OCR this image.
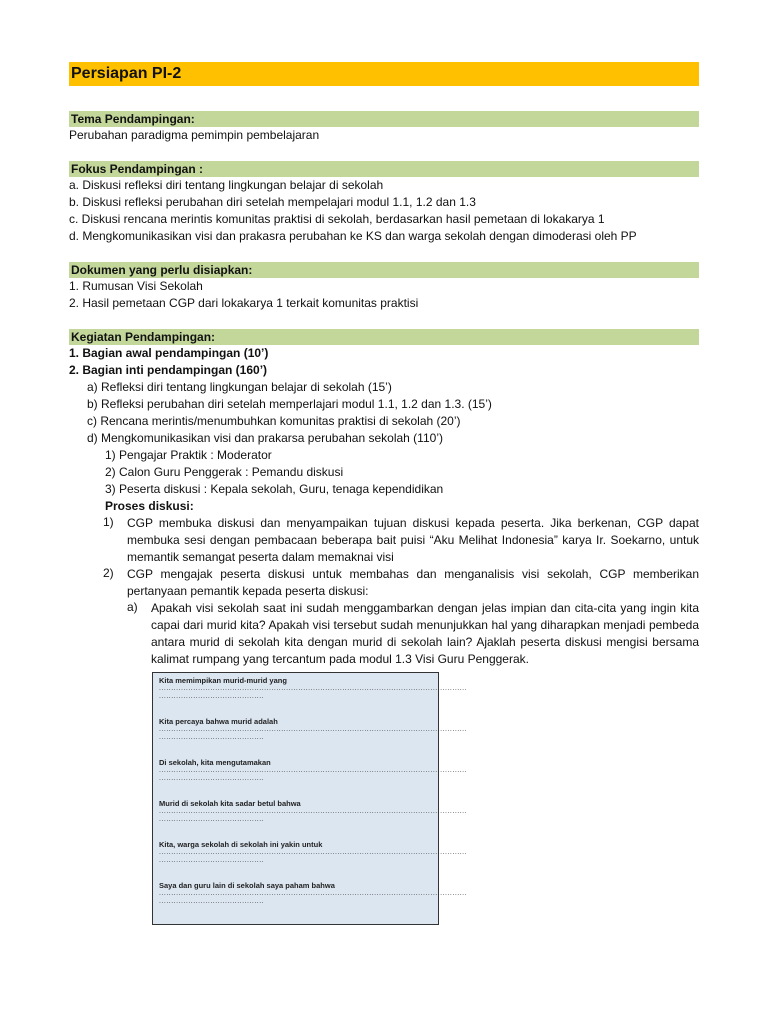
Persiapan PI-2
Tema Pendampingan:
Perubahan paradigma pemimpin pembelajaran
Fokus Pendampingan :
a. Diskusi refleksi diri tentang lingkungan belajar di sekolah
b. Diskusi refleksi perubahan diri setelah mempelajari modul 1.1, 1.2 dan 1.3
c. Diskusi rencana merintis komunitas praktisi di sekolah, berdasarkan hasil pemetaan di lokakarya 1
d. Mengkomunikasikan visi dan prakasra perubahan ke KS dan warga sekolah dengan dimoderasi oleh PP
Dokumen yang perlu disiapkan:
1. Rumusan Visi Sekolah
2. Hasil pemetaan CGP dari lokakarya 1 terkait komunitas praktisi
Kegiatan Pendampingan:
1. Bagian awal pendampingan (10’)
2. Bagian inti pendampingan (160’)
a) Refleksi diri tentang lingkungan belajar di sekolah (15’)
b) Refleksi perubahan diri setelah memperlajari modul 1.1, 1.2 dan 1.3. (15’)
c) Rencana merintis/menumbuhkan komunitas praktisi di sekolah (20’)
d) Mengkomunikasikan visi dan prakarsa perubahan sekolah (110’)
1) Pengajar Praktik : Moderator
2) Calon Guru Penggerak : Pemandu diskusi
3) Peserta diskusi : Kepala sekolah, Guru, tenaga kependidikan
Proses diskusi:
1)	CGP membuka diskusi dan menyampaikan tujuan diskusi kepada peserta. Jika berkenan, CGP dapat membuka sesi dengan pembacaan beberapa bait puisi “Aku Melihat Indonesia” karya Ir. Soekarno, untuk memantik semangat peserta dalam memaknai visi
2)	CGP mengajak peserta diskusi untuk membahas dan menganalisis visi sekolah, CGP memberikan pertanyaan pemantik kepada peserta diskusi:
a)	Apakah visi sekolah saat ini sudah menggambarkan dengan jelas impian dan cita-cita yang ingin kita capai dari murid kita? Apakah visi tersebut sudah menunjukkan hal yang diharapkan menjadi pembeda antara murid di sekolah kita dengan murid di sekolah lain? Ajaklah peserta diskusi mengisi bersama kalimat rumpang yang tercantum pada modul 1.3 Visi Guru Penggerak.
Kita memimpikan murid-murid yang
..............................................................................................................................
...........................................
Kita percaya bahwa murid adalah
..............................................................................................................................
...........................................
Di sekolah, kita mengutamakan
..............................................................................................................................
...........................................
Murid di sekolah kita sadar betul bahwa
..............................................................................................................................
...........................................
Kita, warga sekolah di sekolah ini yakin untuk
..............................................................................................................................
...........................................
Saya dan guru lain di sekolah saya paham bahwa
..............................................................................................................................
...........................................
